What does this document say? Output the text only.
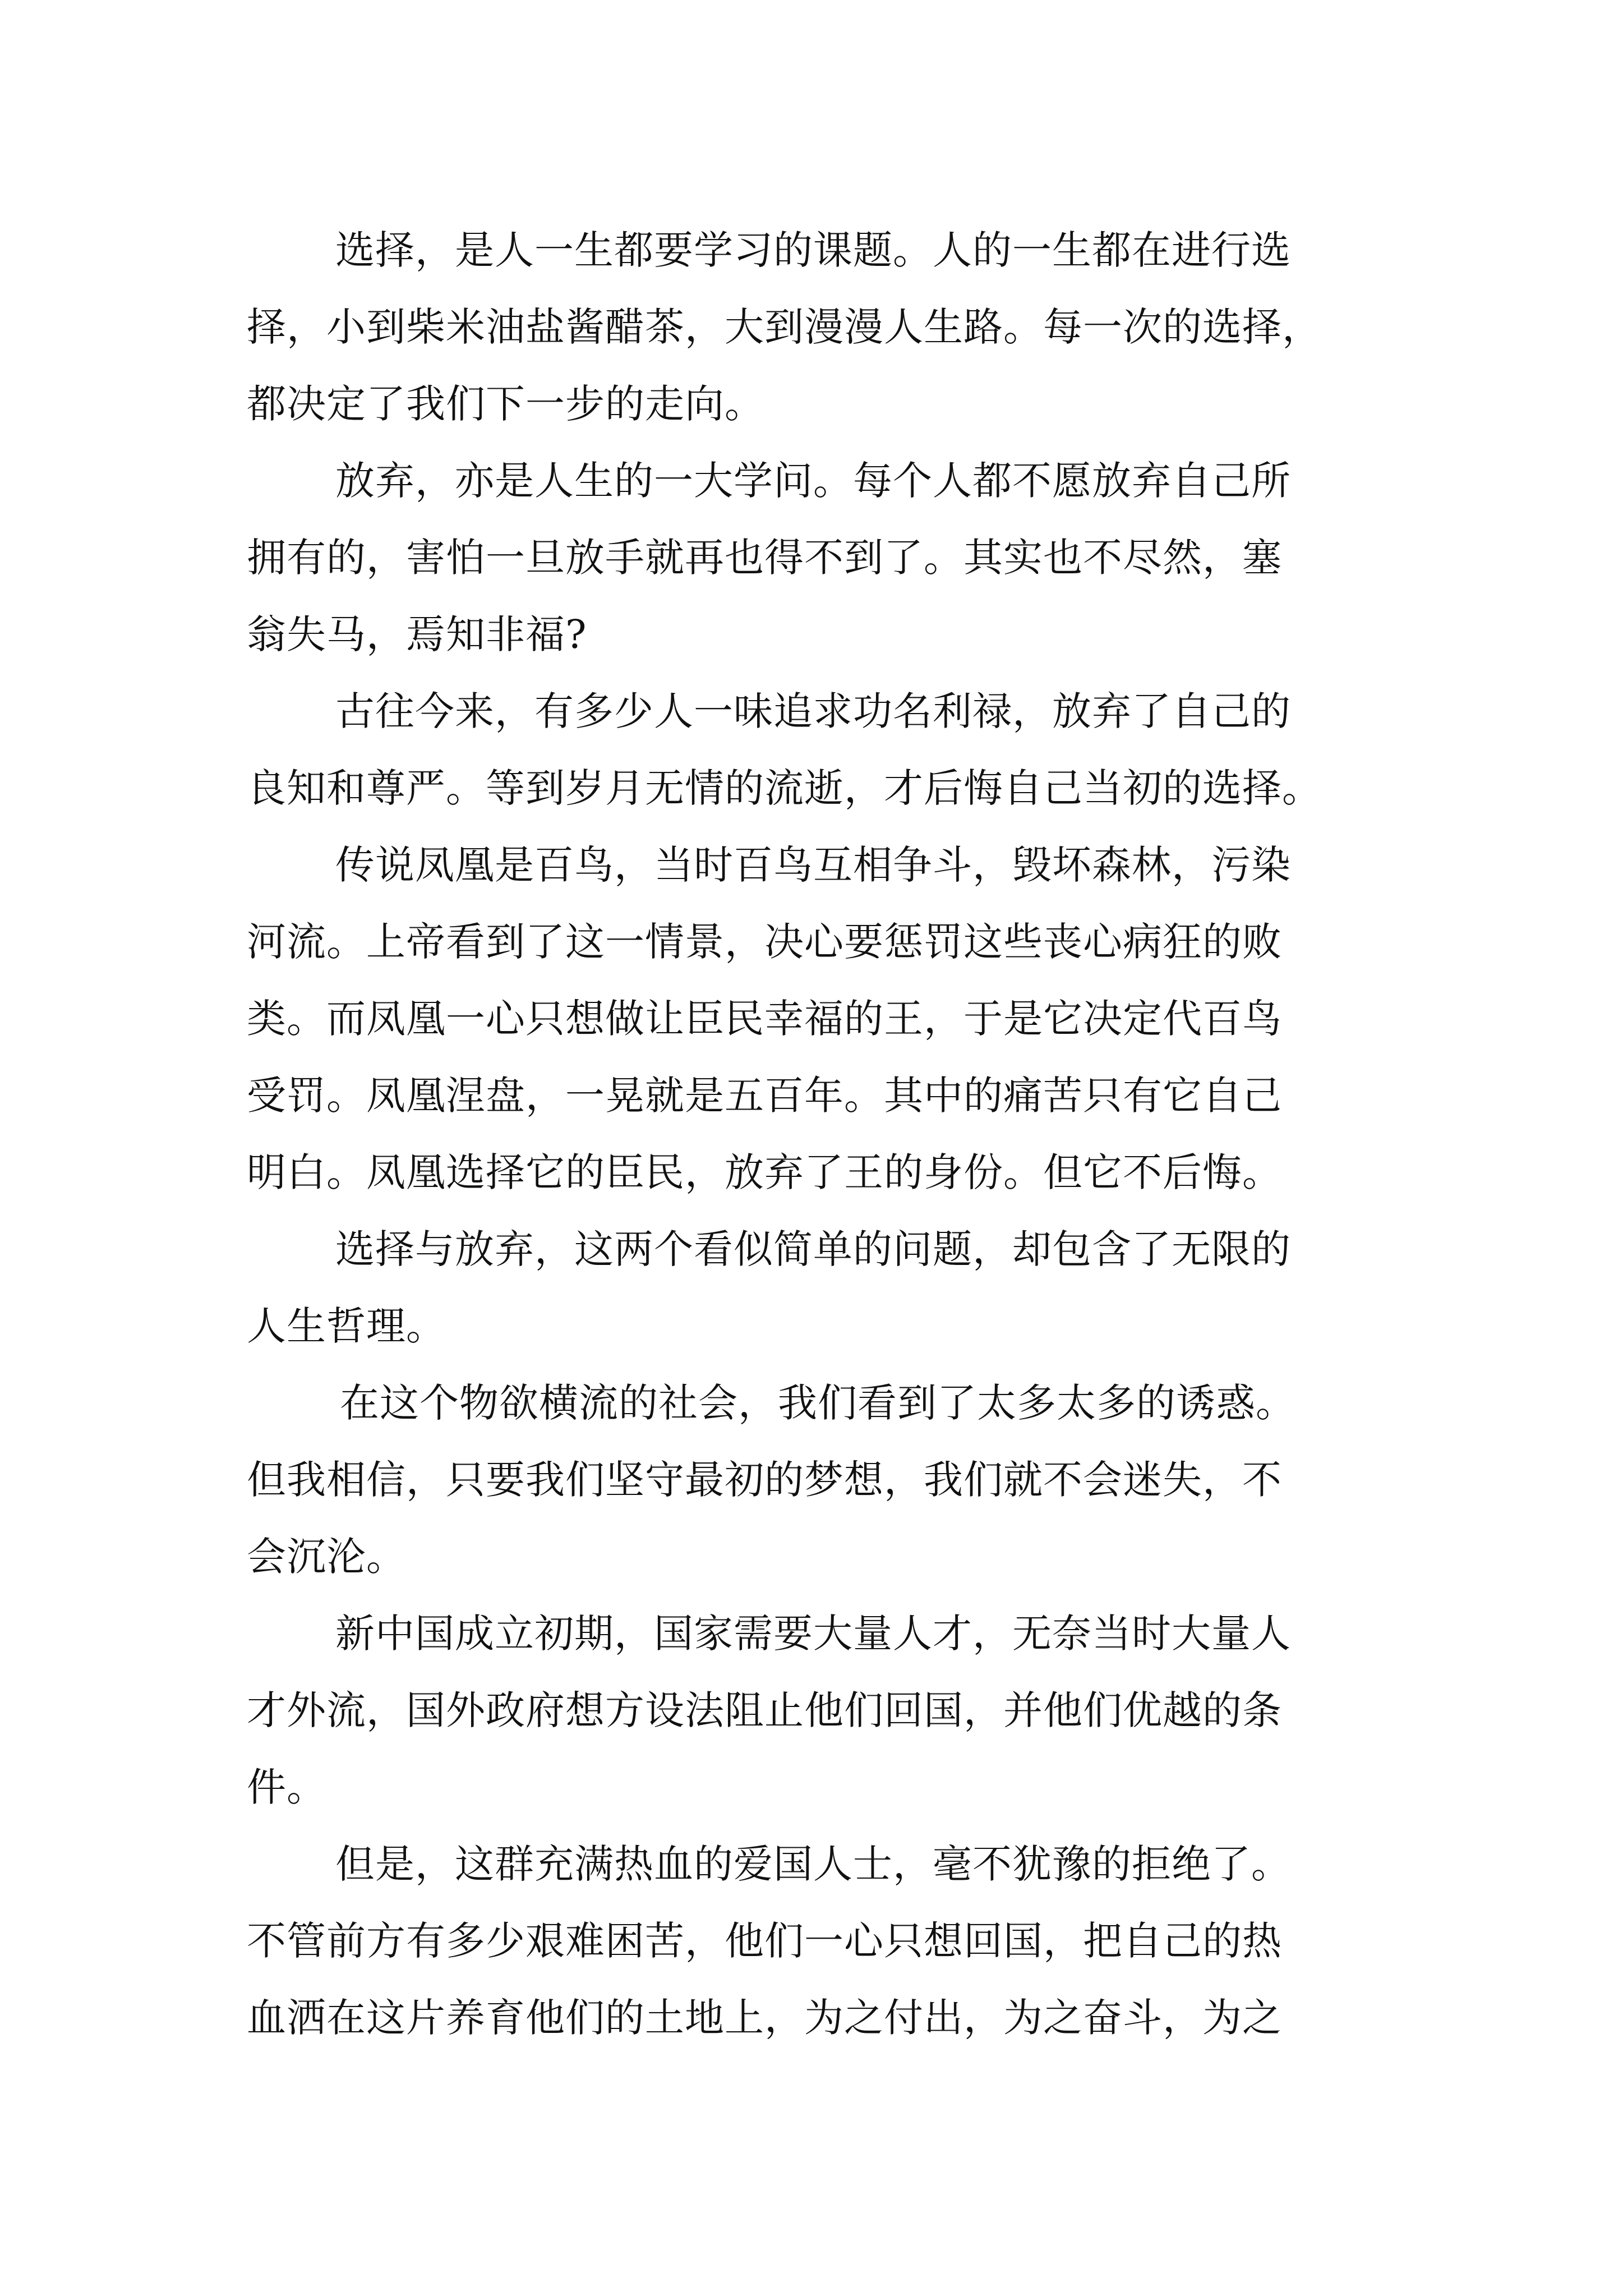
选择，是人一生都要学习的课题。人的一生都在进行选
择，小到柴米油盐酱醋茶，大到漫漫人生路。每一次的选择，
都决定了我们下一步的走向。
放弃，亦是人生的一大学问。每个人都不愿放弃自己所
拥有的，害怕一旦放手就再也得不到了。其实也不尽然，塞
翁失马，焉知非福?
古往今来，有多少人一味追求功名利禄，放弃了自己的
良知和尊严。等到岁月无情的流逝，才后悔自己当初的选择。
传说凤凰是百鸟，当时百鸟互相争斗，毁坏森林，污染
河流。上帝看到了这一情景，决心要惩罚这些丧心病狂的败
类。而凤凰一心只想做让臣民幸福的王，于是它决定代百鸟
受罚。凤凰涅盘，一晃就是五百年。其中的痛苦只有它自己
明白。凤凰选择它的臣民，放弃了王的身份。但它不后悔。
选择与放弃，这两个看似简单的问题，却包含了无限的
人生哲理。
在这个物欲横流的社会，我们看到了太多太多的诱惑。
但我相信，只要我们坚守最初的梦想，我们就不会迷失，不
会沉沦。
新中国成立初期，国家需要大量人才，无奈当时大量人
才外流，国外政府想方设法阻止他们回国，并他们优越的条
件。
但是，这群充满热血的爱国人士，毫不犹豫的拒绝了。
不管前方有多少艰难困苦，他们一心只想回国，把自己的热
血洒在这片养育他们的土地上，为之付出，为之奋斗，为之
